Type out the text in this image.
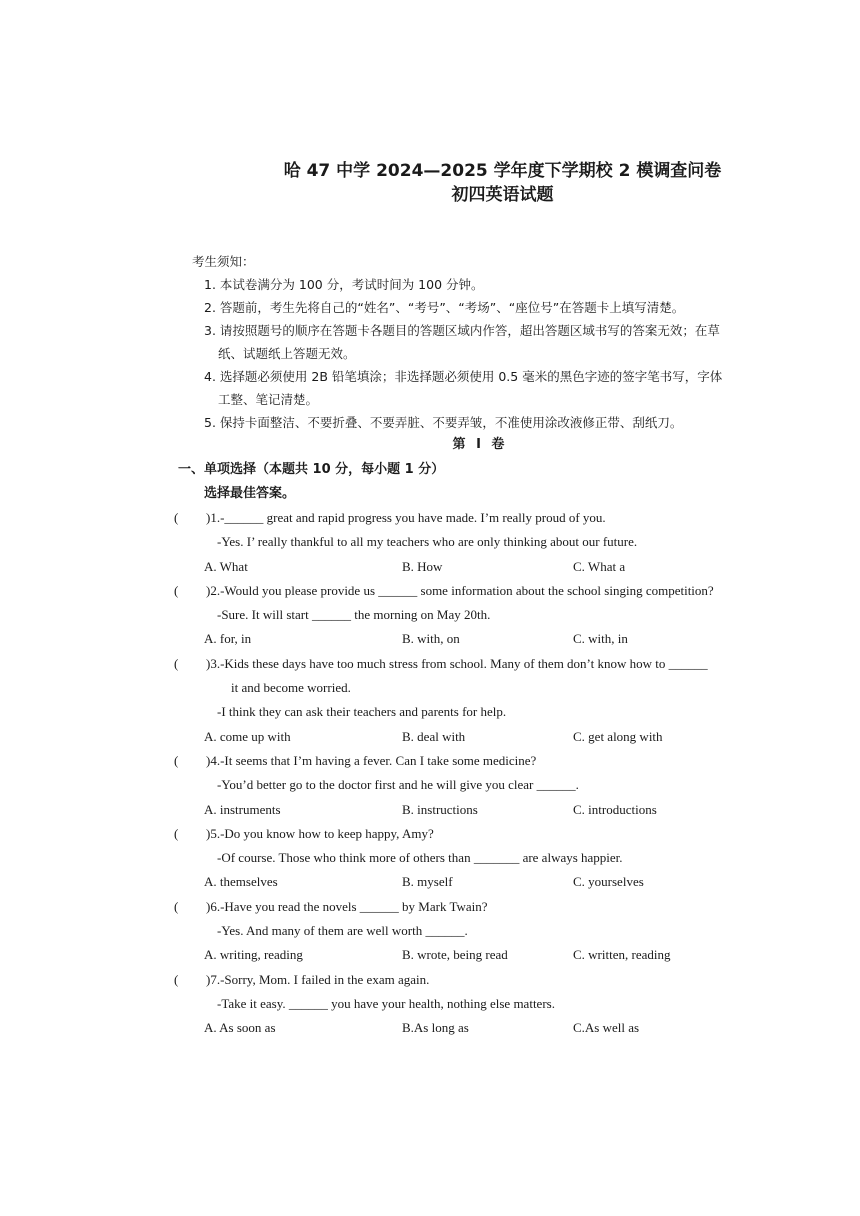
哈 47 中学 2024—2025 学年度下学期校 2 模调查问卷
初四英语试题
考生须知：
1. 本试卷满分为 100 分，考试时间为 100 分钟。
2. 答题前，考生先将自己的“姓名”、“考号”、“考场”、“座位号”在答题卡上填写清楚。
3. 请按照题号的顺序在答题卡各题目的答题区域内作答，超出答题区域书写的答案无效；在草
纸、试题纸上答题无效。
4. 选择题必须使用 2B 铅笔填涂；非选择题必须使用 0.5 毫米的黑色字迹的签字笔书写，字体
工整、笔记清楚。
5. 保持卡面整洁、不要折叠、不要弄脏、不要弄皱，不准使用涂改液修正带、刮纸刀。
第 Ⅰ 卷
一、单项选择（本题共 10 分，每小题 1 分）
选择最佳答案。
( )1.-______ great and rapid progress you have made. I’m really proud of you.
-Yes. I’ really thankful to all my teachers who are only thinking about our future.
A. What	B. How	C. What a
( )2.-Would you please provide us ______ some information about the school singing competition?
-Sure. It will start ______ the morning on May 20th.
A. for, in	B. with, on	C. with, in
( )3.-Kids these days have too much stress from school. Many of them don’t know how to ______
it and become worried.
-I think they can ask their teachers and parents for help.
A. come up with	B. deal with	C. get along with
( )4.-It seems that I’m having a fever. Can I take some medicine?
-You’d better go to the doctor first and he will give you clear ______.
A. instruments	B. instructions	C. introductions
( )5.-Do you know how to keep happy, Amy?
-Of course. Those who think more of others than _______ are always happier.
A. themselves	B. myself	C. yourselves
( )6.-Have you read the novels ______ by Mark Twain?
-Yes. And many of them are well worth ______.
A. writing, reading	B. wrote, being read	C. written, reading
( )7.-Sorry, Mom. I failed in the exam again.
-Take it easy. ______ you have your health, nothing else matters.
A. As soon as	B.As long as	C.As well as
